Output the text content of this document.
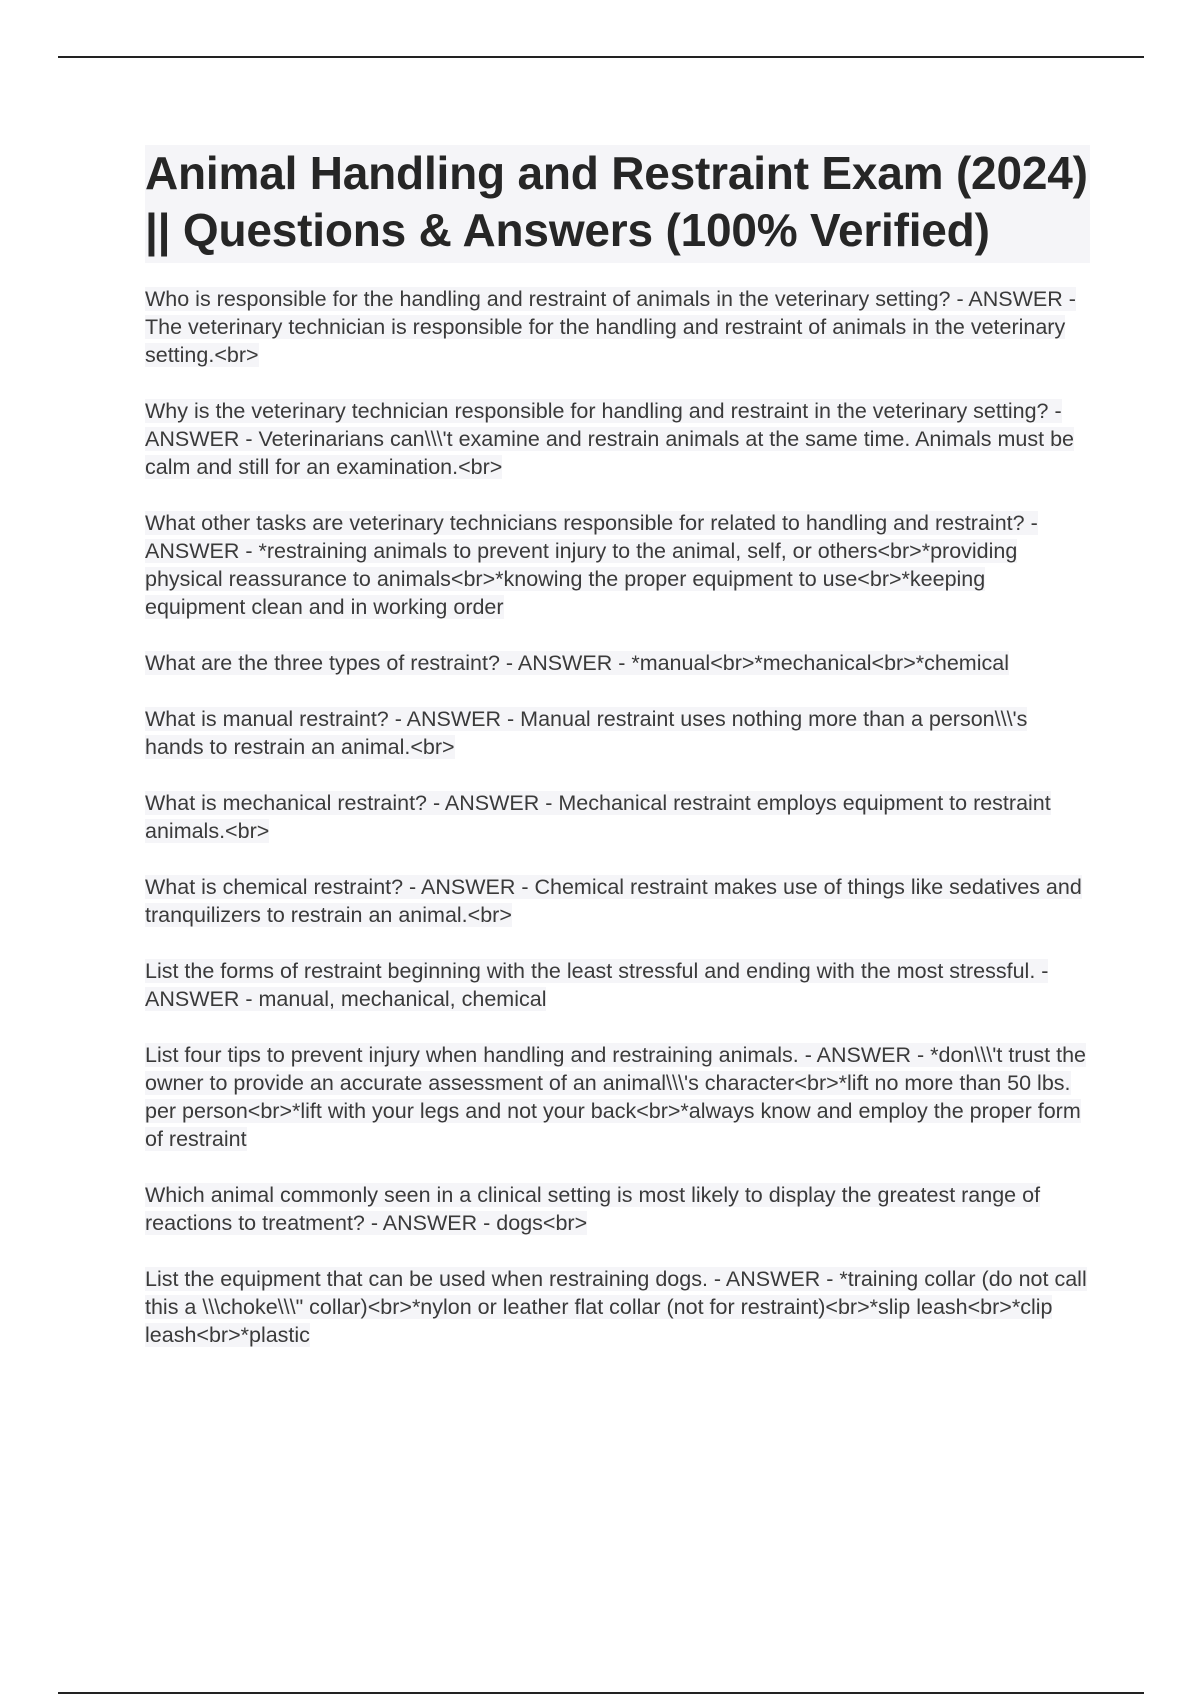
Animal Handling and Restraint Exam (2024) || Questions & Answers (100% Verified)
Who is responsible for the handling and restraint of animals in the veterinary setting? - ANSWER - The veterinary technician is responsible for the handling and restraint of animals in the veterinary setting.<br>
Why is the veterinary technician responsible for handling and restraint in the veterinary setting? - ANSWER - Veterinarians can\\\'t examine and restrain animals at the same time. Animals must be calm and still for an examination.<br>
What other tasks are veterinary technicians responsible for related to handling and restraint? - ANSWER - *restraining animals to prevent injury to the animal, self, or others<br>*providing physical reassurance to animals<br>*knowing the proper equipment to use<br>*keeping equipment clean and in working order
What are the three types of restraint? - ANSWER - *manual<br>*mechanical<br>*chemical
What is manual restraint? - ANSWER - Manual restraint uses nothing more than a person\\\'s hands to restrain an animal.<br>
What is mechanical restraint? - ANSWER - Mechanical restraint employs equipment to restraint animals.<br>
What is chemical restraint? - ANSWER - Chemical restraint makes use of things like sedatives and tranquilizers to restrain an animal.<br>
List the forms of restraint beginning with the least stressful and ending with the most stressful. - ANSWER - manual, mechanical, chemical
List four tips to prevent injury when handling and restraining animals. - ANSWER - *don\\\'t trust the owner to provide an accurate assessment of an animal\\\'s character<br>*lift no more than 50 lbs. per person<br>*lift with your legs and not your back<br>*always know and employ the proper form of restraint
Which animal commonly seen in a clinical setting is most likely to display the greatest range of reactions to treatment? - ANSWER - dogs<br>
List the equipment that can be used when restraining dogs. - ANSWER - *training collar (do not call this a \\\choke\\\" collar)<br>*nylon or leather flat collar (not for restraint)<br>*slip leash<br>*clip leash<br>*plastic
